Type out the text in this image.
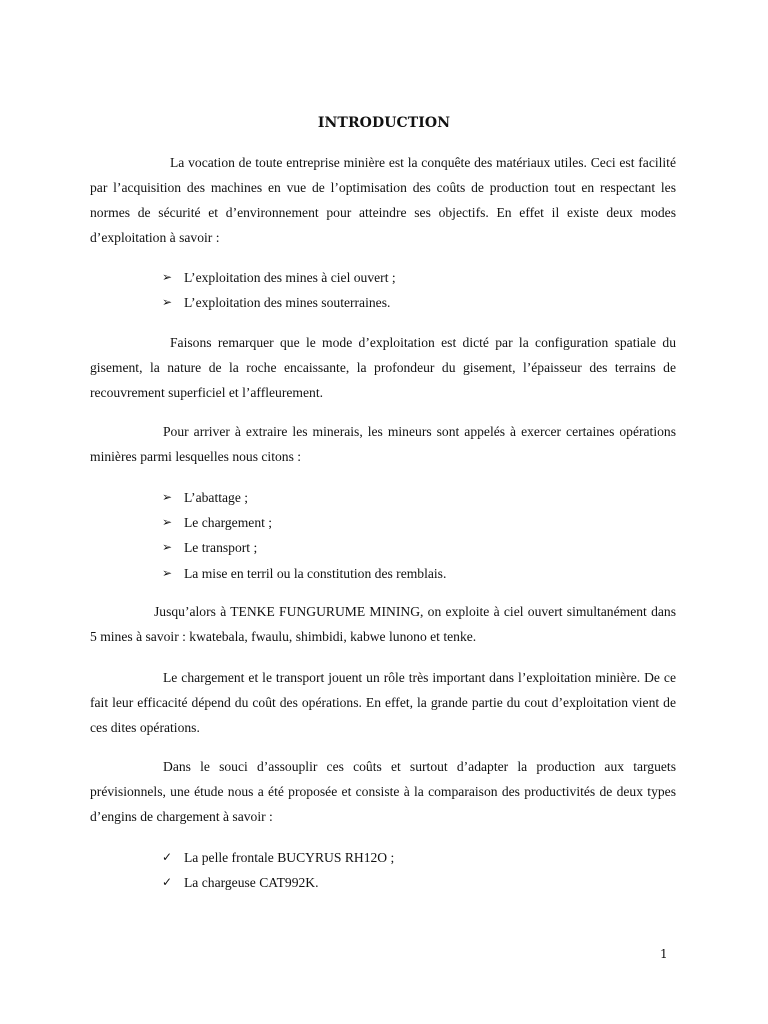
INTRODUCTION

La vocation de toute entreprise minière est la conquête des matériaux utiles. Ceci est facilité par l’acquisition des machines en vue de l’optimisation des coûts de production tout en respectant les normes de sécurité et d’environnement pour atteindre ses objectifs. En effet il existe deux modes d’exploitation à savoir :

➢ L’exploitation des mines à ciel ouvert ;
➢ L’exploitation des mines souterraines.

Faisons remarquer que le mode d’exploitation est dicté par la configuration spatiale du gisement, la nature de la roche encaissante, la profondeur du gisement, l’épaisseur des terrains de recouvrement superficiel et l’affleurement.

Pour arriver à extraire les minerais, les mineurs sont appelés à exercer certaines opérations minières parmi lesquelles nous citons :

➢ L’abattage ;
➢ Le chargement ;
➢ Le transport ;
➢ La mise en terril ou la constitution des remblais.

Jusqu’alors à TENKE FUNGURUME MINING, on exploite à ciel ouvert simultanément dans 5 mines à savoir : kwatebala, fwaulu, shimbidi, kabwe lunono et tenke.

Le chargement et le transport jouent un rôle très important dans l’exploitation minière. De ce fait leur efficacité dépend du coût des opérations. En effet, la grande partie du cout d’exploitation vient de ces dites opérations.

Dans le souci d’assouplir ces coûts et surtout d’adapter la production aux targuets prévisionnels, une étude nous a été proposée et consiste à la comparaison des productivités de deux types d’engins de chargement à savoir :

✓ La pelle frontale BUCYRUS RH12O ;
✓ La chargeuse CAT992K.
1
